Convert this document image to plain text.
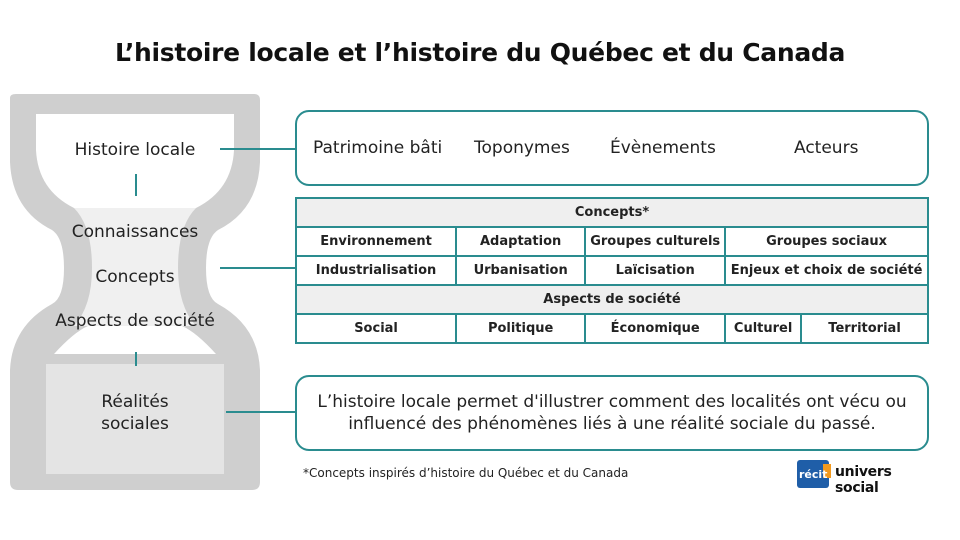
L’histoire locale et l’histoire du Québec et du Canada
Histoire locale
Connaissances
Concepts
Aspects de société
Réalités
sociales
Patrimoine bâti Toponymes Évènements	Acteurs
Concepts*				
Environnement	Adaptation	Groupes culturels	Groupes sociaux	
Industrialisation	Urbanisation	Laïcisation	Enjeux et choix de société	
Aspects de société				
Social	Politique	Économique	Culturel	Territorial
L’histoire locale permet d'illustrer comment des localités ont vécu ou
influencé des phénomènes liés à une réalité sociale du passé.
*Concepts inspirés d’histoire du Québec et du Canada	récit univers social
